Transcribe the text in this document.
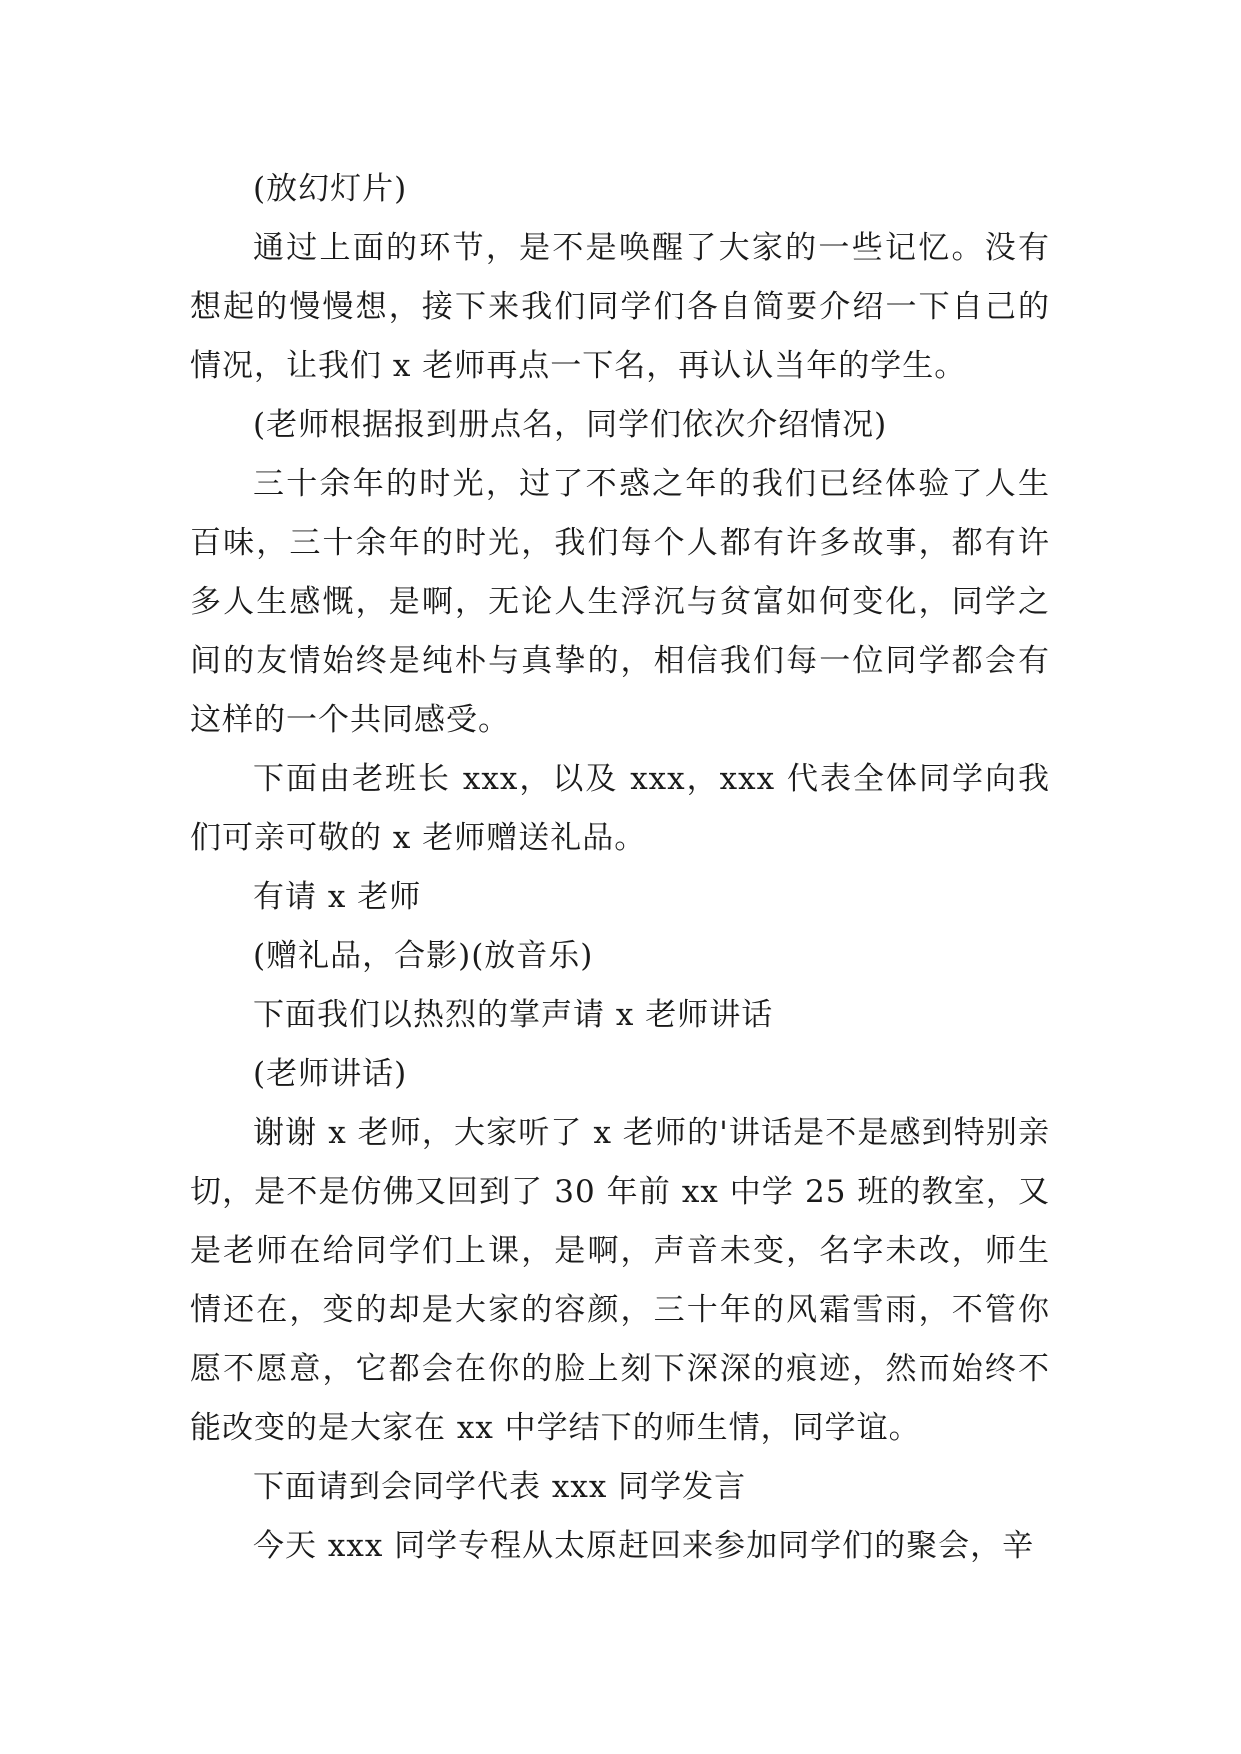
(放幻灯片)

通过上面的环节，是不是唤醒了大家的一些记忆。没有想起的慢慢想，接下来我们同学们各自简要介绍一下自己的情况，让我们 x 老师再点一下名，再认认当年的学生。

(老师根据报到册点名，同学们依次介绍情况)

三十余年的时光，过了不惑之年的我们已经体验了人生百味，三十余年的时光，我们每个人都有许多故事，都有许多人生感慨，是啊，无论人生浮沉与贫富如何变化，同学之间的友情始终是纯朴与真挚的，相信我们每一位同学都会有这样的一个共同感受。

下面由老班长 xxx，以及 xxx，xxx 代表全体同学向我们可亲可敬的 x 老师赠送礼品。

有请 x 老师

(赠礼品，合影)(放音乐)

下面我们以热烈的掌声请 x 老师讲话

(老师讲话)

谢谢 x 老师，大家听了 x 老师的'讲话是不是感到特别亲切，是不是仿佛又回到了 30 年前 xx 中学 25 班的教室，又是老师在给同学们上课，是啊，声音未变，名字未改，师生情还在，变的却是大家的容颜，三十年的风霜雪雨，不管你愿不愿意，它都会在你的脸上刻下深深的痕迹，然而始终不能改变的是大家在 xx 中学结下的师生情，同学谊。

下面请到会同学代表 xxx 同学发言

今天 xxx 同学专程从太原赶回来参加同学们的聚会，辛
